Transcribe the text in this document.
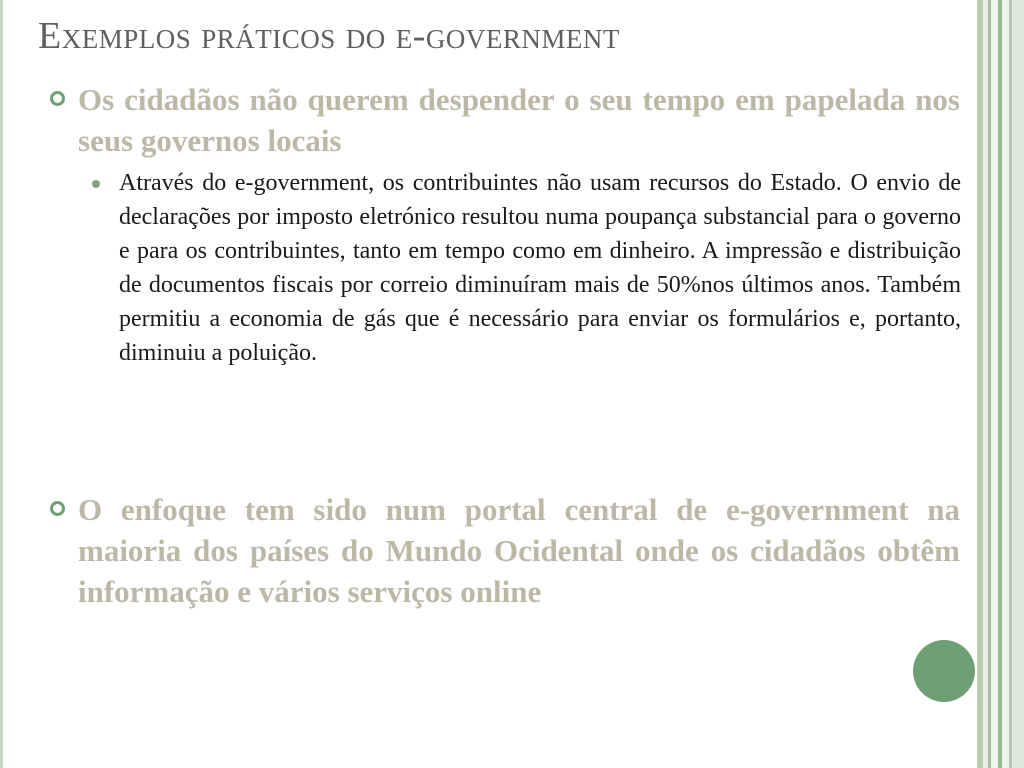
Exemplos práticos do e-government

Os cidadãos não querem despender o seu tempo em papelada nos seus governos locais

Através do e-government, os contribuintes não usam recursos do Estado. O envio de declarações por imposto eletrónico resultou numa poupança substancial para o governo e para os contribuintes, tanto em tempo como em dinheiro. A impressão e distribuição de documentos fiscais por correio diminuíram mais de 50%nos últimos anos. Também permitiu a economia de gás que é necessário para enviar os formulários e, portanto, diminuiu a poluição.

O enfoque tem sido num portal central de e-government na maioria dos países do Mundo Ocidental onde os cidadãos obtêm informação e vários serviços online
